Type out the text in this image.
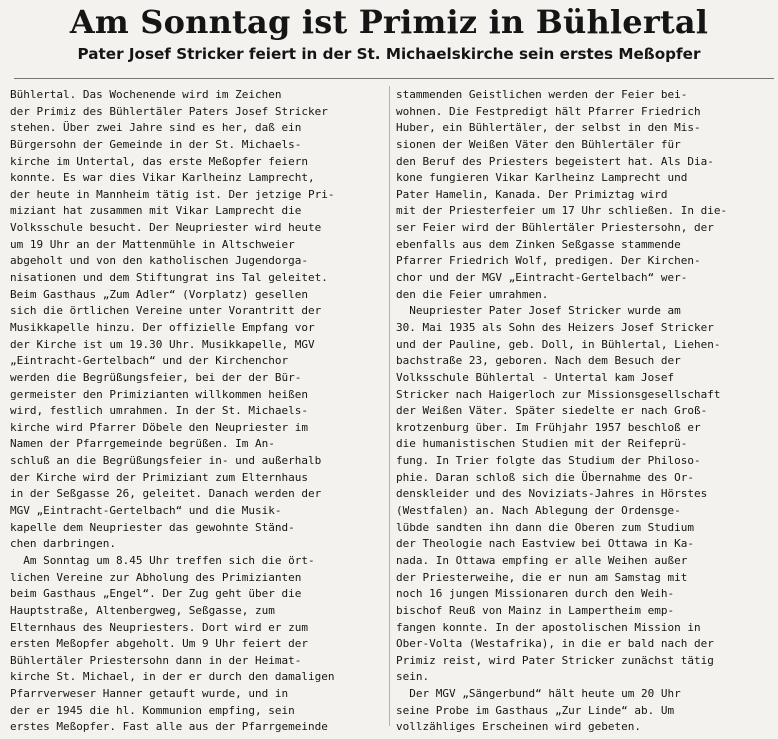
Am Sonntag ist Primiz in Bühlertal
Pater Josef Stricker feiert in der St. Michaelskirche sein erstes Meßopfer
Bühlertal. Das Wochenende wird im Zeichen
der Primiz des Bühlertäler Paters Josef Stricker
stehen. Über zwei Jahre sind es her, daß ein
Bürgersohn der Gemeinde in der St. Michaels-
kirche im Untertal, das erste Meßopfer feiern
konnte. Es war dies Vikar Karlheinz Lamprecht,
der heute in Mannheim tätig ist. Der jetzige Pri-
miziant hat zusammen mit Vikar Lamprecht die
Volksschule besucht. Der Neupriester wird heute
um 19 Uhr an der Mattenmühle in Altschweier
abgeholt und von den katholischen Jugendorga-
nisationen und dem Stiftungrat ins Tal geleitet.
Beim Gasthaus „Zum Adler“ (Vorplatz) gesellen
sich die örtlichen Vereine unter Vorantritt der
Musikkapelle hinzu. Der offizielle Empfang vor
der Kirche ist um 19.30 Uhr. Musikkapelle, MGV
„Eintracht-Gertelbach“ und der Kirchenchor
werden die Begrüßungsfeier, bei der der Bür-
germeister den Primizianten willkommen heißen
wird, festlich umrahmen. In der St. Michaels-
kirche wird Pfarrer Döbele den Neupriester im
Namen der Pfarrgemeinde begrüßen. Im An-
schluß an die Begrüßungsfeier in- und außerhalb
der Kirche wird der Primiziant zum Elternhaus
in der Seßgasse 26, geleitet. Danach werden der
MGV „Eintracht-Gertelbach“ und die Musik-
kapelle dem Neupriester das gewohnte Ständ-
chen darbringen.
Am Sonntag um 8.45 Uhr treffen sich die ört-
lichen Vereine zur Abholung des Primizianten
beim Gasthaus „Engel“. Der Zug geht über die
Hauptstraße, Altenbergweg, Seßgasse, zum
Elternhaus des Neupriesters. Dort wird er zum
ersten Meßopfer abgeholt. Um 9 Uhr feiert der
Bühlertäler Priestersohn dann in der Heimat-
kirche St. Michael, in der er durch den damaligen
Pfarrverweser Hanner getauft wurde, und in
der er 1945 die hl. Kommunion empfing, sein
erstes Meßopfer. Fast alle aus der Pfarrgemeinde
stammenden Geistlichen werden der Feier bei-
wohnen. Die Festpredigt hält Pfarrer Friedrich
Huber, ein Bühlertäler, der selbst in den Mis-
sionen der Weißen Väter den Bühlertäler für
den Beruf des Priesters begeistert hat. Als Dia-
kone fungieren Vikar Karlheinz Lamprecht und
Pater Hamelin, Kanada. Der Primiztag wird
mit der Priesterfeier um 17 Uhr schließen. In die-
ser Feier wird der Bühlertäler Priestersohn, der
ebenfalls aus dem Zinken Seßgasse stammende
Pfarrer Friedrich Wolf, predigen. Der Kirchen-
chor und der MGV „Eintracht-Gertelbach“ wer-
den die Feier umrahmen.
Neupriester Pater Josef Stricker wurde am
30. Mai 1935 als Sohn des Heizers Josef Stricker
und der Pauline, geb. Doll, in Bühlertal, Liehen-
bachstraße 23, geboren. Nach dem Besuch der
Volksschule Bühlertal - Untertal kam Josef
Stricker nach Haigerloch zur Missionsgesellschaft
der Weißen Väter. Später siedelte er nach Groß-
krotzenburg über. Im Frühjahr 1957 beschloß er
die humanistischen Studien mit der Reifeprü-
fung. In Trier folgte das Studium der Philoso-
phie. Daran schloß sich die Übernahme des Or-
denskleider und des Noviziats-Jahres in Hörstes
(Westfalen) an. Nach Ablegung der Ordensge-
lübde sandten ihn dann die Oberen zum Studium
der Theologie nach Eastview bei Ottawa in Ka-
nada. In Ottawa empfing er alle Weihen außer
der Priesterweihe, die er nun am Samstag mit
noch 16 jungen Missionaren durch den Weih-
bischof Reuß von Mainz in Lampertheim emp-
fangen konnte. In der apostolischen Mission in
Ober-Volta (Westafrika), in die er bald nach der
Primiz reist, wird Pater Stricker zunächst tätig
sein.
Der MGV „Sängerbund“ hält heute um 20 Uhr
seine Probe im Gasthaus „Zur Linde“ ab. Um
vollzähliges Erscheinen wird gebeten.
